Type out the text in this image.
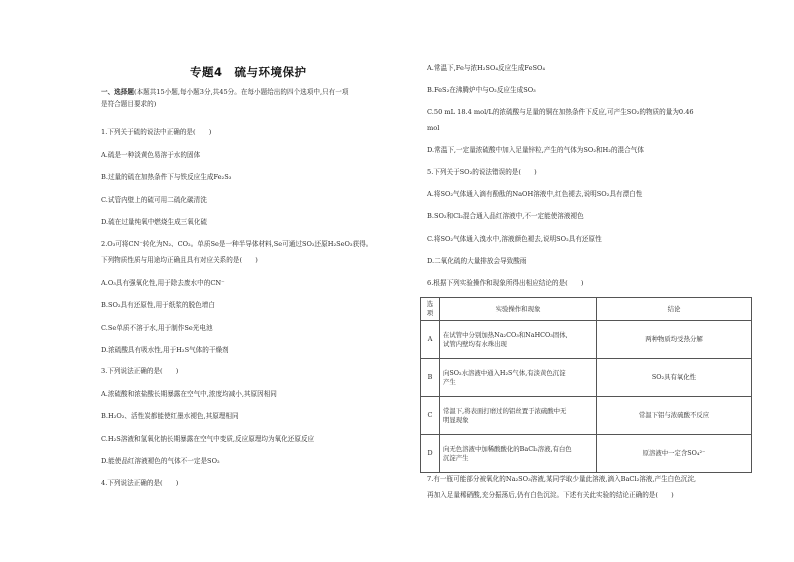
专题4　硫与环境保护
一、选择题(本题共15小题,每小题3分,共45分。在每小题给出的四个选项中,只有一项
是符合题目要求的)
1.下列关于硫的说法中正确的是(　　)
A.硫是一种淡黄色易溶于水的固体
B.过量的硫在加热条件下与铁反应生成Fe₂S₃
C.试管内壁上的硫可用二硫化碳清洗
D.硫在过量纯氧中燃烧生成三氧化硫
2.O₃可将CN⁻转化为N₂、CO₂。单质Se是一种半导体材料,Se可通过SO₂还原H₂SeO₃获得。
下列物质性质与用途均正确且具有对应关系的是(　　)
A.O₃具有强氧化性,用于除去废水中的CN⁻
B.SO₂具有还原性,用于纸浆的脱色增白
C.Se单质不溶于水,用于制作Se光电池
D.浓硫酸具有吸水性,用于H₂S气体的干燥剂
3.下列说法正确的是(　　)
A.浓硫酸和浓盐酸长期暴露在空气中,浓度均减小,其原因相同
B.H₂O₂、活性炭都能使红墨水褪色,其原理相同
C.H₂S溶液和氢氧化钠长期暴露在空气中变质,反应原理均为氧化还原反应
D.能使品红溶液褪色的气体不一定是SO₂
4.下列说法正确的是(　　)
A.常温下,Fe与浓H₂SO₄反应生成FeSO₄
B.FeS₂在沸腾炉中与O₂反应生成SO₃
C.50 mL 18.4 mol/L的浓硫酸与足量的铜在加热条件下反应,可产生SO₂的物质的量为0.46
mol
D.常温下,一定量浓硫酸中加入足量锌粒,产生的气体为SO₂和H₂的混合气体
5.下列关于SO₂的说法错误的是(　　)
A.将SO₂气体通入滴有酚酞的NaOH溶液中,红色褪去,说明SO₂具有漂白性
B.SO₂和Cl₂混合通入品红溶液中,不一定能使溶液褪色
C.将SO₂气体通入溴水中,溶液颜色褪去,说明SO₂具有还原性
D.二氧化硫的大量排放会导致酸雨
6.根据下列实验操作和现象所得出相应结论的是(　　)
选项	实验操作和现象	结论
A	在试管中分别加热Na₂CO₃和NaHCO₃固体,
试管内壁均有水珠出现	两种物质均受热分解
B	向SO₂水溶液中通入H₂S气体,有淡黄色沉淀
产生	SO₂具有氧化性
C	常温下,将表面打磨过的铝丝置于浓硫酸中无
明显现象	常温下铝与浓硫酸不反应
D	向无色溶液中加稀酸酸化的BaCl₂溶液,有白色
沉淀产生	原溶液中一定含SO₄²⁻
7.有一瓶可能部分被氧化的Na₂SO₃溶液,某同学取少量此溶液,滴入BaCl₂溶液,产生白色沉淀,
再加入足量稀硝酸,充分振荡后,仍有白色沉淀。下述有关此实验的结论正确的是(　　)
